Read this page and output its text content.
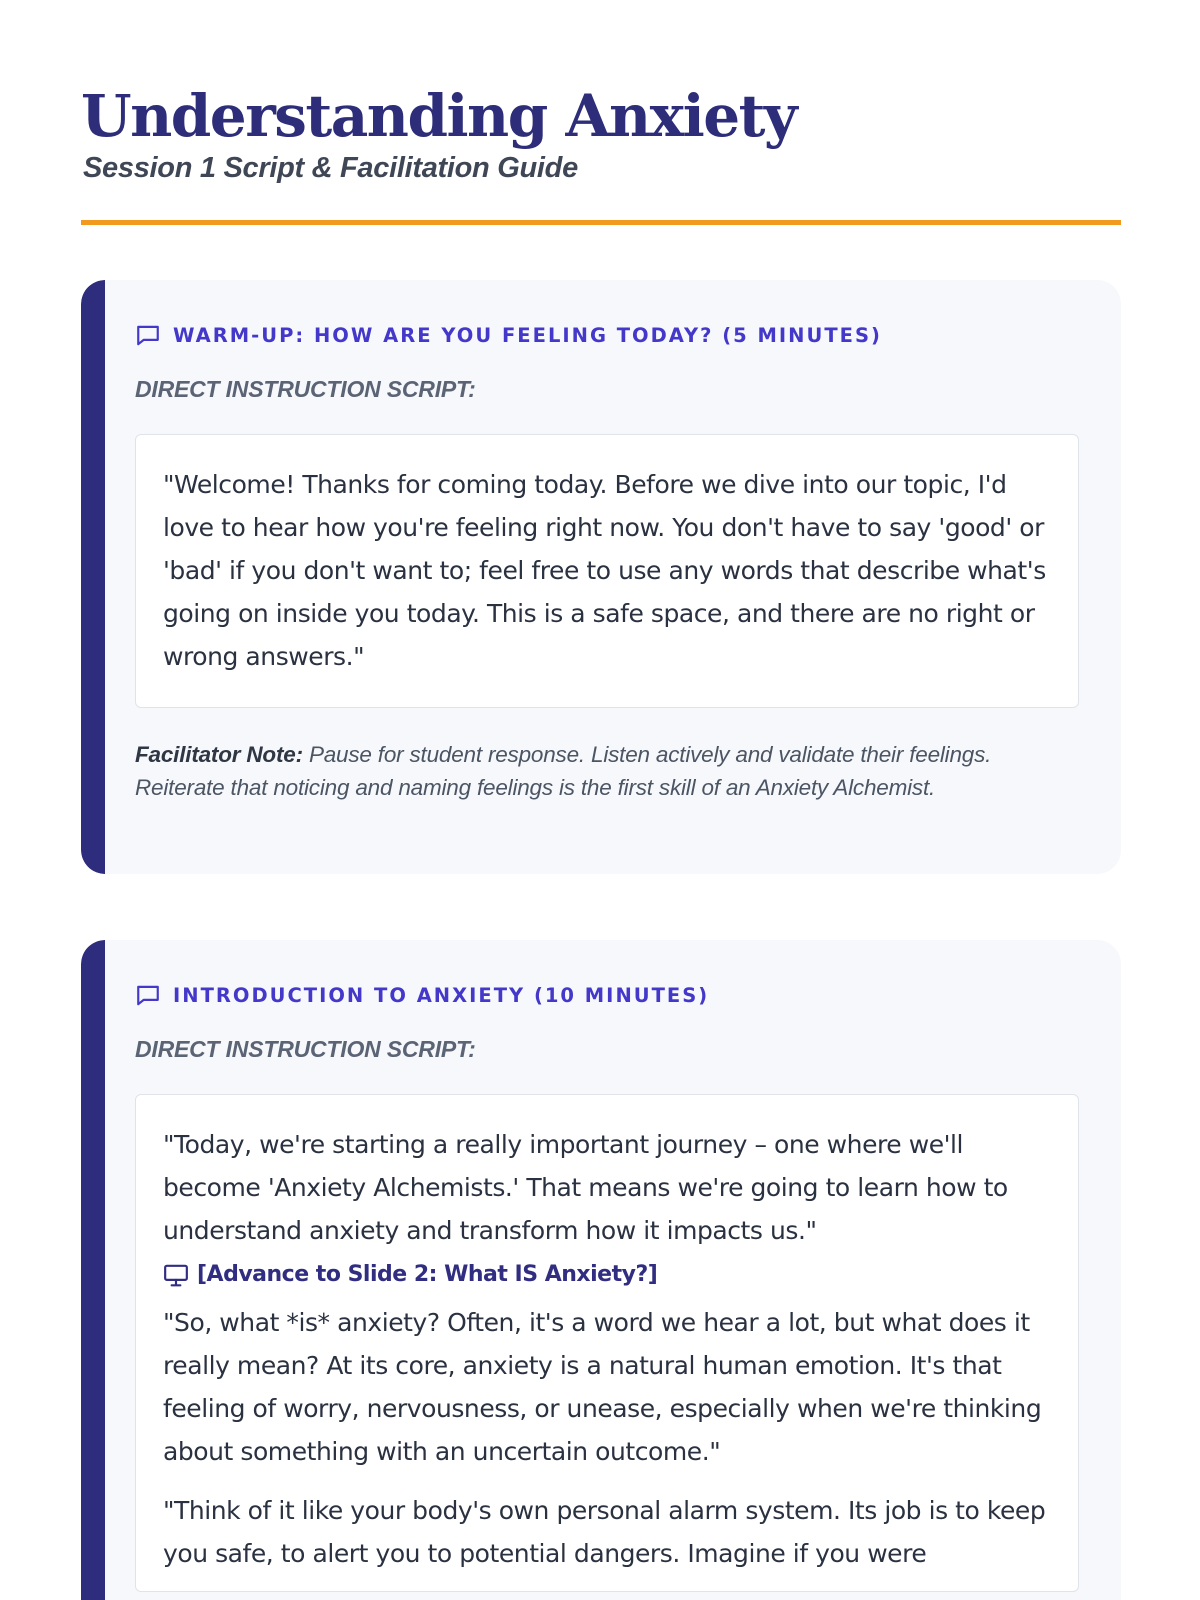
Understanding Anxiety
Session 1 Script & Facilitation Guide
WARM-UP: HOW ARE YOU FEELING TODAY? (5 MINUTES)
DIRECT INSTRUCTION SCRIPT:

"Welcome! Thanks for coming today. Before we dive into our topic, I'd love to hear how you're feeling right now. You don't have to say 'good' or 'bad' if you don't want to; feel free to use any words that describe what's going on inside you today. This is a safe space, and there are no right or wrong answers."

Facilitator Note: Pause for student response. Listen actively and validate their feelings. Reiterate that noticing and naming feelings is the first skill of an Anxiety Alchemist.
INTRODUCTION TO ANXIETY (10 MINUTES)
DIRECT INSTRUCTION SCRIPT:

"Today, we're starting a really important journey – one where we'll become 'Anxiety Alchemists.' That means we're going to learn how to understand anxiety and transform how it impacts us."

[Advance to Slide 2: What IS Anxiety?]

"So, what *is* anxiety? Often, it's a word we hear a lot, but what does it really mean? At its core, anxiety is a natural human emotion. It's that feeling of worry, nervousness, or unease, especially when we're thinking about something with an uncertain outcome."

"Think of it like your body's own personal alarm system. Its job is to keep you safe, to alert you to potential dangers. Imagine if you were
